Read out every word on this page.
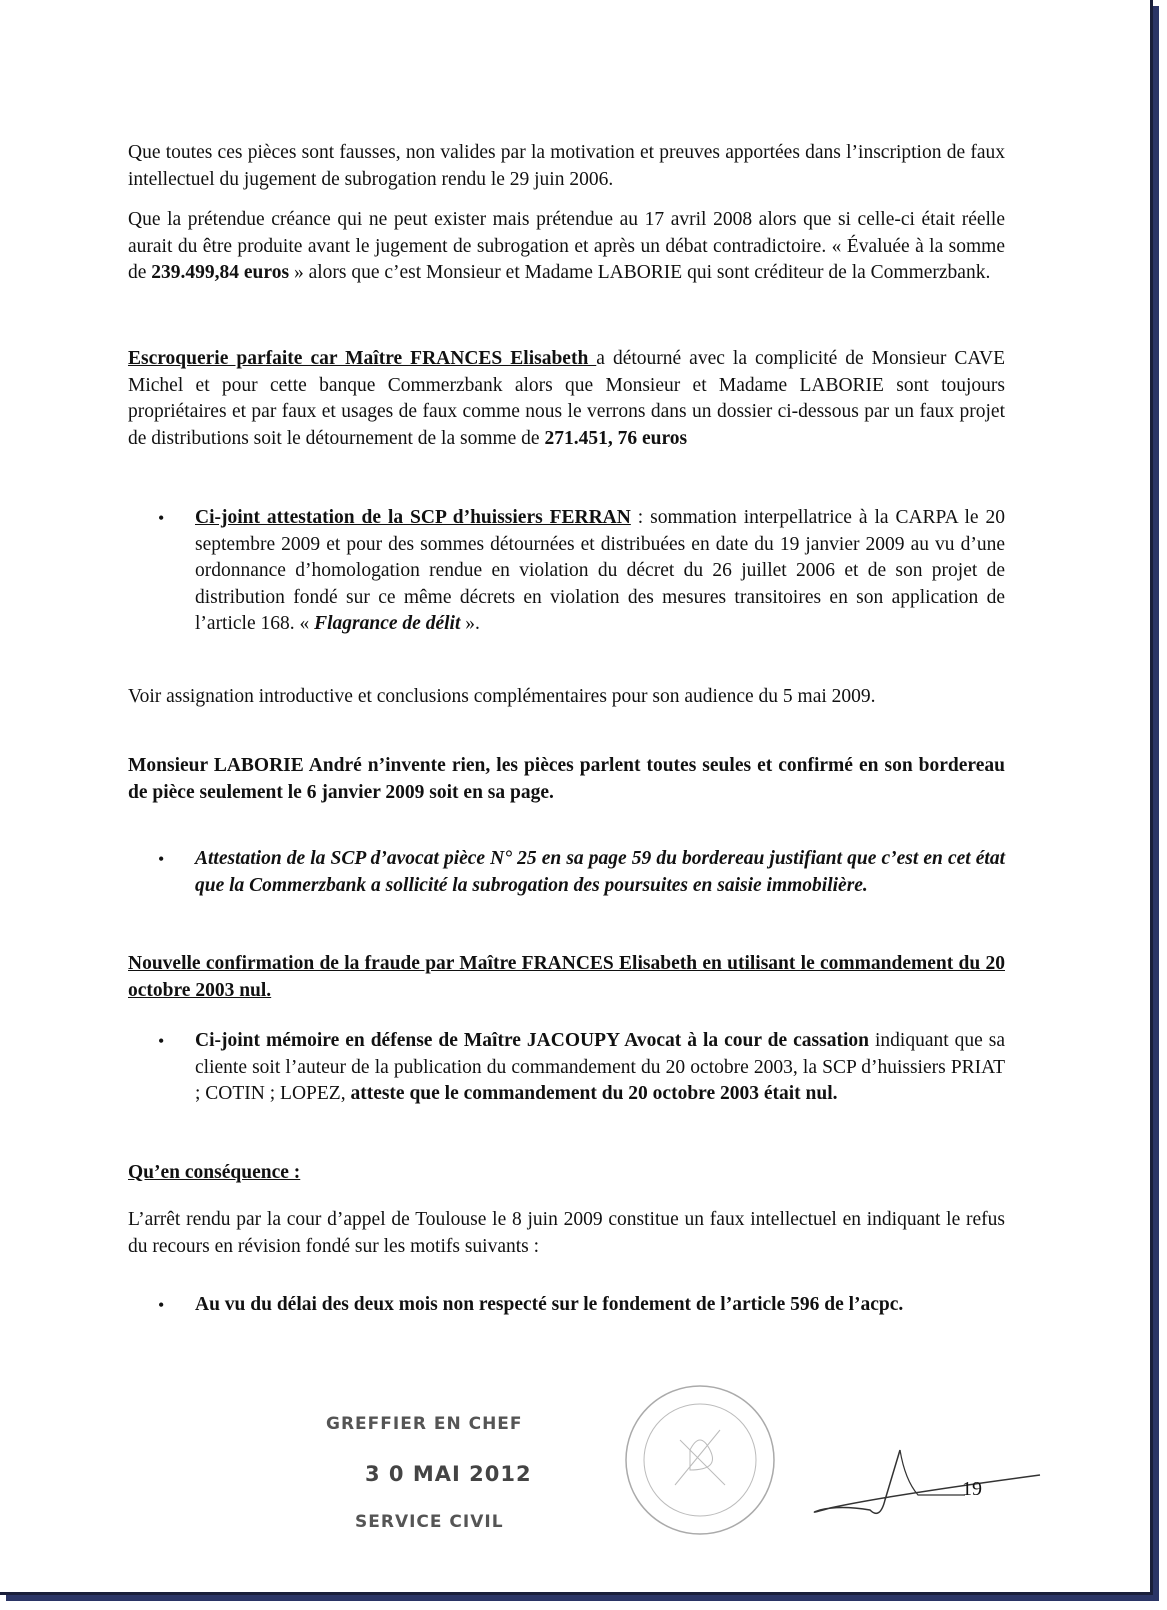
Que toutes ces pièces sont fausses, non valides par la motivation et preuves apportées dans l’inscription de faux intellectuel du jugement de subrogation rendu le 29 juin 2006.
Que la prétendue créance qui ne peut exister mais prétendue au 17 avril 2008 alors que si celle-ci était réelle aurait du être produite avant le jugement de subrogation et après un débat contradictoire. « Évaluée à la somme de 239.499,84 euros » alors que c’est Monsieur et Madame LABORIE qui sont créditeur de la Commerzbank.
Escroquerie parfaite car Maître FRANCES Elisabeth a détourné avec la complicité de Monsieur CAVE Michel et pour cette banque Commerzbank alors que Monsieur et Madame LABORIE sont toujours propriétaires et par faux et usages de faux comme nous le verrons dans un dossier ci-dessous par un faux projet de distributions soit le détournement de la somme de 271.451, 76 euros
• Ci-joint attestation de la SCP d’huissiers FERRAN : sommation interpellatrice à la CARPA le 20 septembre 2009 et pour des sommes détournées et distribuées en date du 19 janvier 2009 au vu d’une ordonnance d’homologation rendue en violation du décret du 26 juillet 2006 et de son projet de distribution fondé sur ce même décrets en violation des mesures transitoires en son application de l’article 168. « Flagrance de délit ».
Voir assignation introductive et conclusions complémentaires pour son audience du 5 mai 2009.
Monsieur LABORIE André n’invente rien, les pièces parlent toutes seules et confirmé en son bordereau de pièce seulement le 6 janvier 2009 soit en sa page.
• Attestation de la SCP d’avocat pièce N° 25 en sa page 59 du bordereau justifiant que c’est en cet état que la Commerzbank a sollicité la subrogation des poursuites en saisie immobilière.
Nouvelle confirmation de la fraude par Maître FRANCES Elisabeth en utilisant le commandement du 20 octobre 2003 nul.
• Ci-joint mémoire en défense de Maître JACOUPY Avocat à la cour de cassation indiquant que sa cliente soit l’auteur de la publication du commandement du 20 octobre 2003, la SCP d’huissiers PRIAT ; COTIN ; LOPEZ, atteste que le commandement du 20 octobre 2003 était nul.
Qu’en conséquence :
L’arrêt rendu par la cour d’appel de Toulouse le 8 juin 2009 constitue un faux intellectuel en indiquant le refus du recours en révision fondé sur les motifs suivants :
• Au vu du délai des deux mois non respecté sur le fondement de l’article 596 de l’acpc.
GREFFIER EN CHEF
3 0 MAI 2012
SERVICE CIVIL
19
